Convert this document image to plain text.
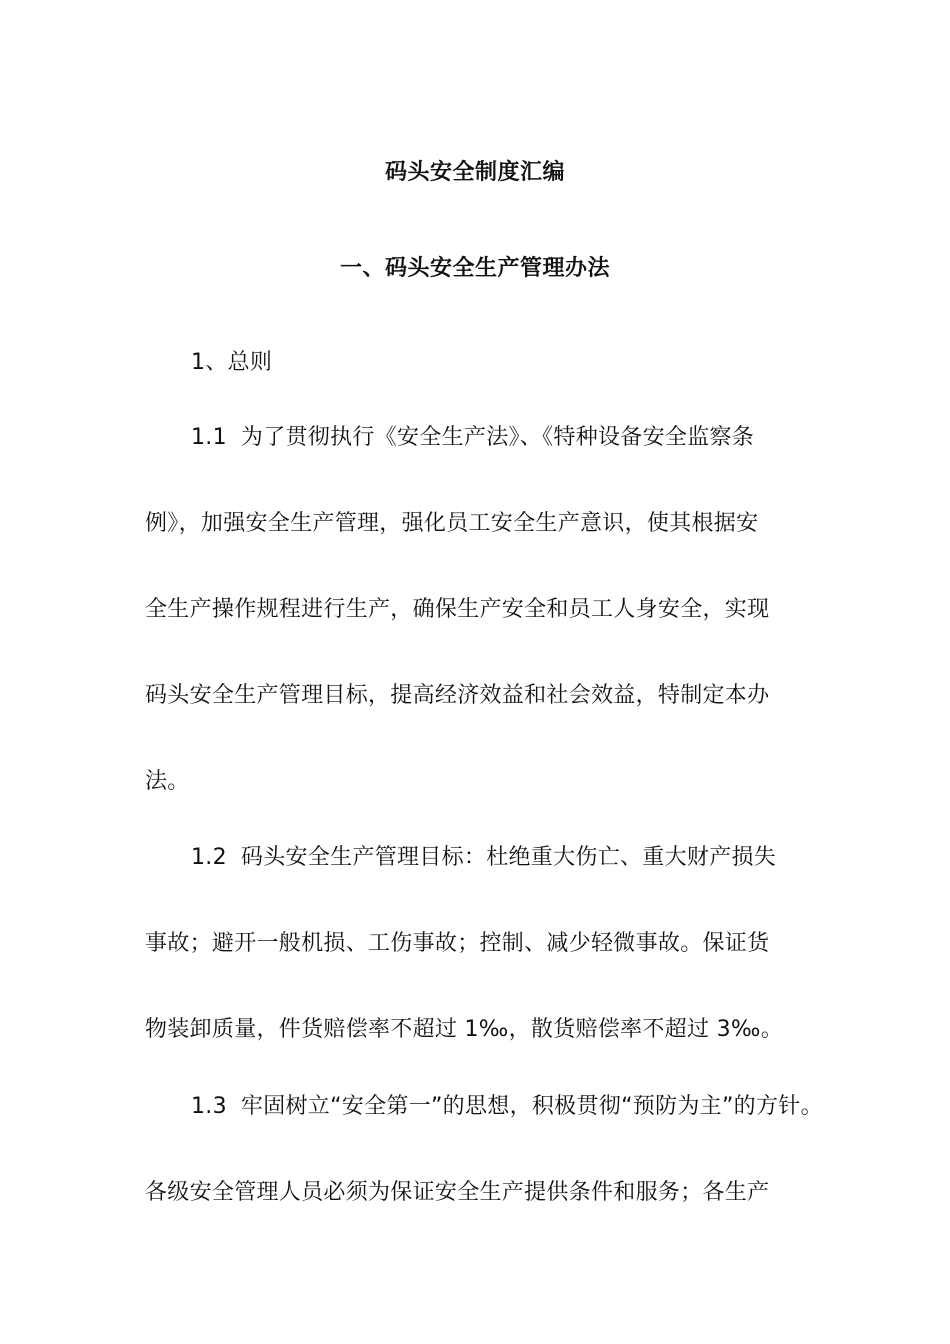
码头安全制度汇编
一、码头安全生产管理办法
1、总则
1.1 为了贯彻执行《安全生产法》、《特种设备安全监察条
例》，加强安全生产管理，强化员工安全生产意识，使其根据安
全生产操作规程进行生产，确保生产安全和员工人身安全，实现
码头安全生产管理目标，提高经济效益和社会效益，特制定本办
法。
1.2 码头安全生产管理目标：杜绝重大伤亡、重大财产损失
事故；避开一般机损、工伤事故；控制、减少轻微事故。保证货
物装卸质量，件货赔偿率不超过 1‰，散货赔偿率不超过 3‰。
1.3 牢固树立“安全第一”的思想，积极贯彻“预防为主”的方针。
各级安全管理人员必须为保证安全生产提供条件和服务；各生产
